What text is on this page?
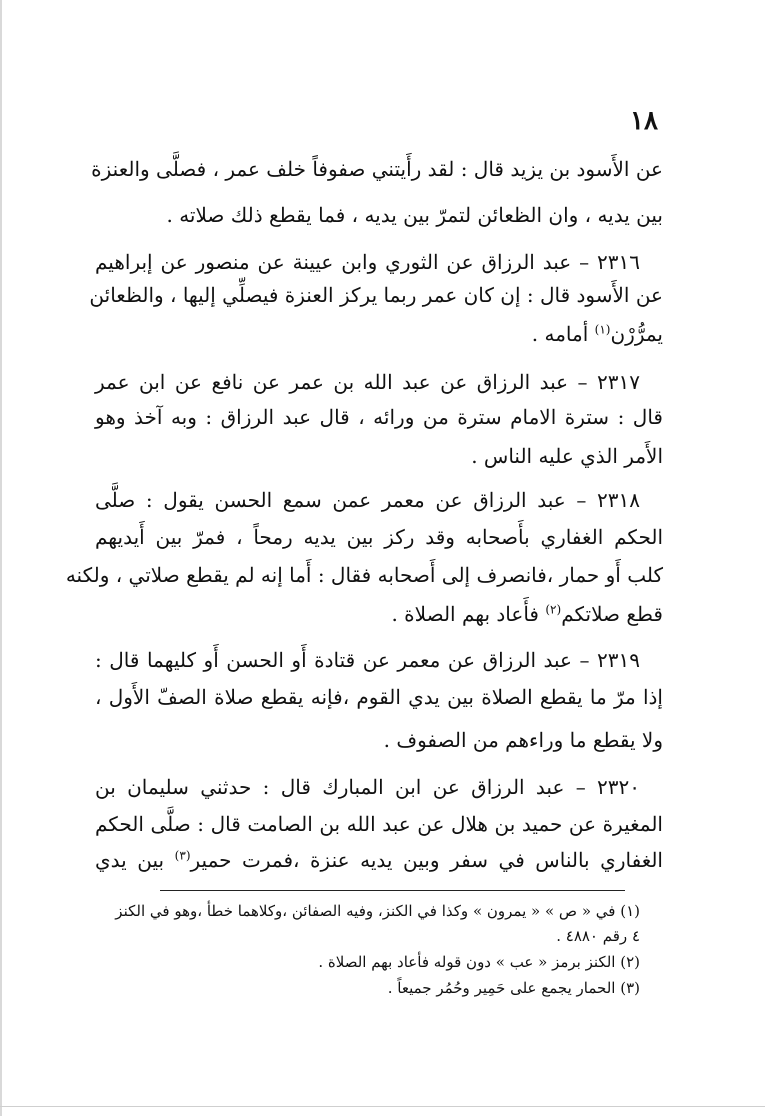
١٨
عن الأَسود بن يزيد قال : لقد رأَيتني صفوفاً خلف عمر ، فصلَّى والعنزة
بين يديه ، وان الظعائن لتمرّ بين يديه ، فما يقطع ذلك صلاته .
٢٣١٦ – عبد الرزاق عن الثوري وابن عيينة عن منصور عن إبراهيم
عن الأَسود قال : إن كان عمر ربما يركز العنزة فيصلِّي إليها ، والظعائن
يمرُّرْن$^{(١)}$ أمامه .
٢٣١٧ – عبد الرزاق عن عبد الله بن عمر عن نافع عن ابن عمر
قال : سترة الامام سترة من ورائه ، قال عبد الرزاق : وبه آخذ وهو
الأَمر الذي عليه الناس .
٢٣١٨ – عبد الرزاق عن معمر عمن سمع الحسن يقول : صلَّى
الحكم الغفاري بأَصحابه وقد ركز بين يديه رمحاً ، فمرّ بين أَيديهم
كلب أَو حمار ،فانصرف إلى أَصحابه فقال : أَما إنه لم يقطع صلاتي ، ولكنه
قطع صلاتكم$^{(٢)}$ فأَعاد بهم الصلاة .
٢٣١٩ – عبد الرزاق عن معمر عن قتادة أَو الحسن أَو كليهما قال :
إذا مرّ ما يقطع الصلاة بين يدي القوم ،فإنه يقطع صلاة الصفّ الأَول ،
ولا يقطع ما وراءهم من الصفوف .
٢٣٢٠ – عبد الرزاق عن ابن المبارك قال : حدثني سليمان بن
المغيرة عن حميد بن هلال عن عبد الله بن الصامت قال : صلَّى الحكم
الغفاري بالناس في سفر وبين يديه عنزة ،فمرت حمير$^{(٣)}$ بين يدي
(١) في « ص » « يمرون » وكذا في الكنز، وفيه الصفائن ،وكلاهما خطأ ،وهو في الكنز
٤ رقم ٤٨٨٠ .
(٢) الكنز برمز « عب » دون قوله فأعاد بهم الصلاة .
(٣) الحمار يجمع على حَمِير وحُمُر جميعاً .
